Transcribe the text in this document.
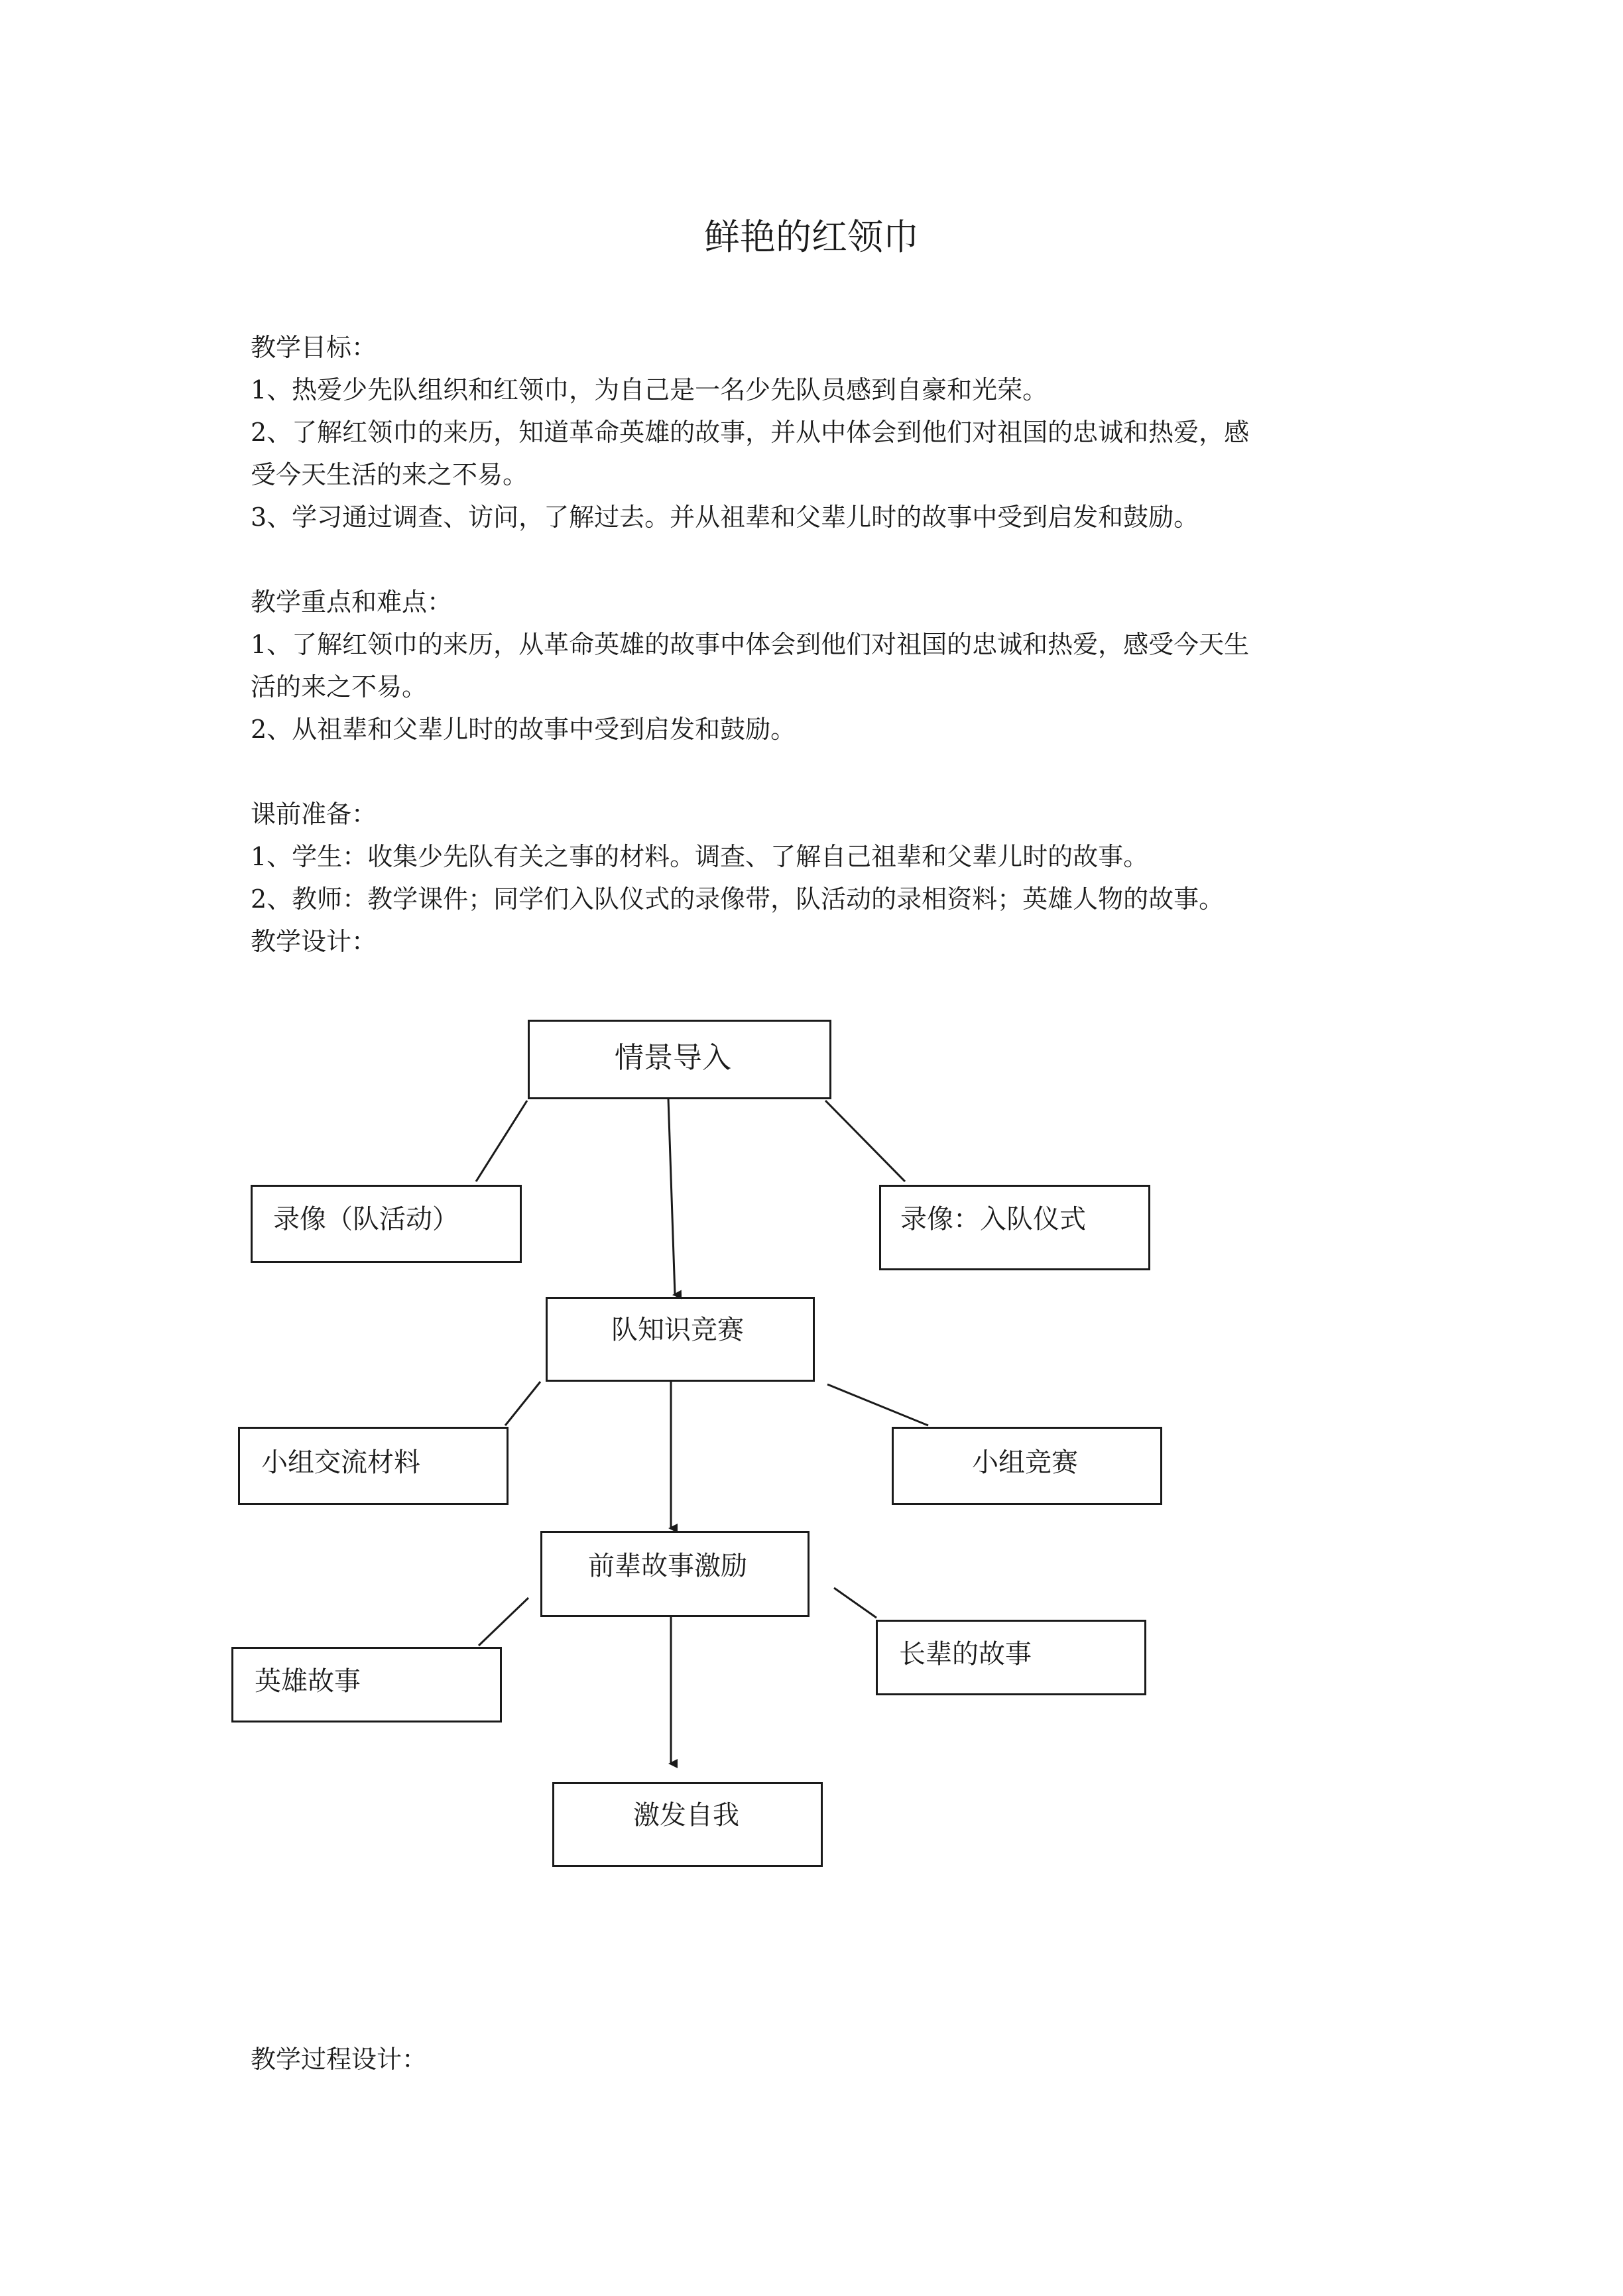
鲜艳的红领巾
教学目标：
1、热爱少先队组织和红领巾，为自己是一名少先队员感到自豪和光荣。
2、了解红领巾的来历，知道革命英雄的故事，并从中体会到他们对祖国的忠诚和热爱，感
受今天生活的来之不易。
3、学习通过调查、访问，了解过去。并从祖辈和父辈儿时的故事中受到启发和鼓励。
教学重点和难点：
1、了解红领巾的来历，从革命英雄的故事中体会到他们对祖国的忠诚和热爱，感受今天生
活的来之不易。
2、从祖辈和父辈儿时的故事中受到启发和鼓励。
课前准备：
1、学生：收集少先队有关之事的材料。调查、了解自己祖辈和父辈儿时的故事。
2、教师：教学课件；同学们入队仪式的录像带，队活动的录相资料；英雄人物的故事。
教学设计：
情景导入
录像（队活动）	录像：入队仪式
队知识竞赛
小组交流材料	小组竞赛
前辈故事激励
英雄故事
长辈的故事
激发自我
教学过程设计：
